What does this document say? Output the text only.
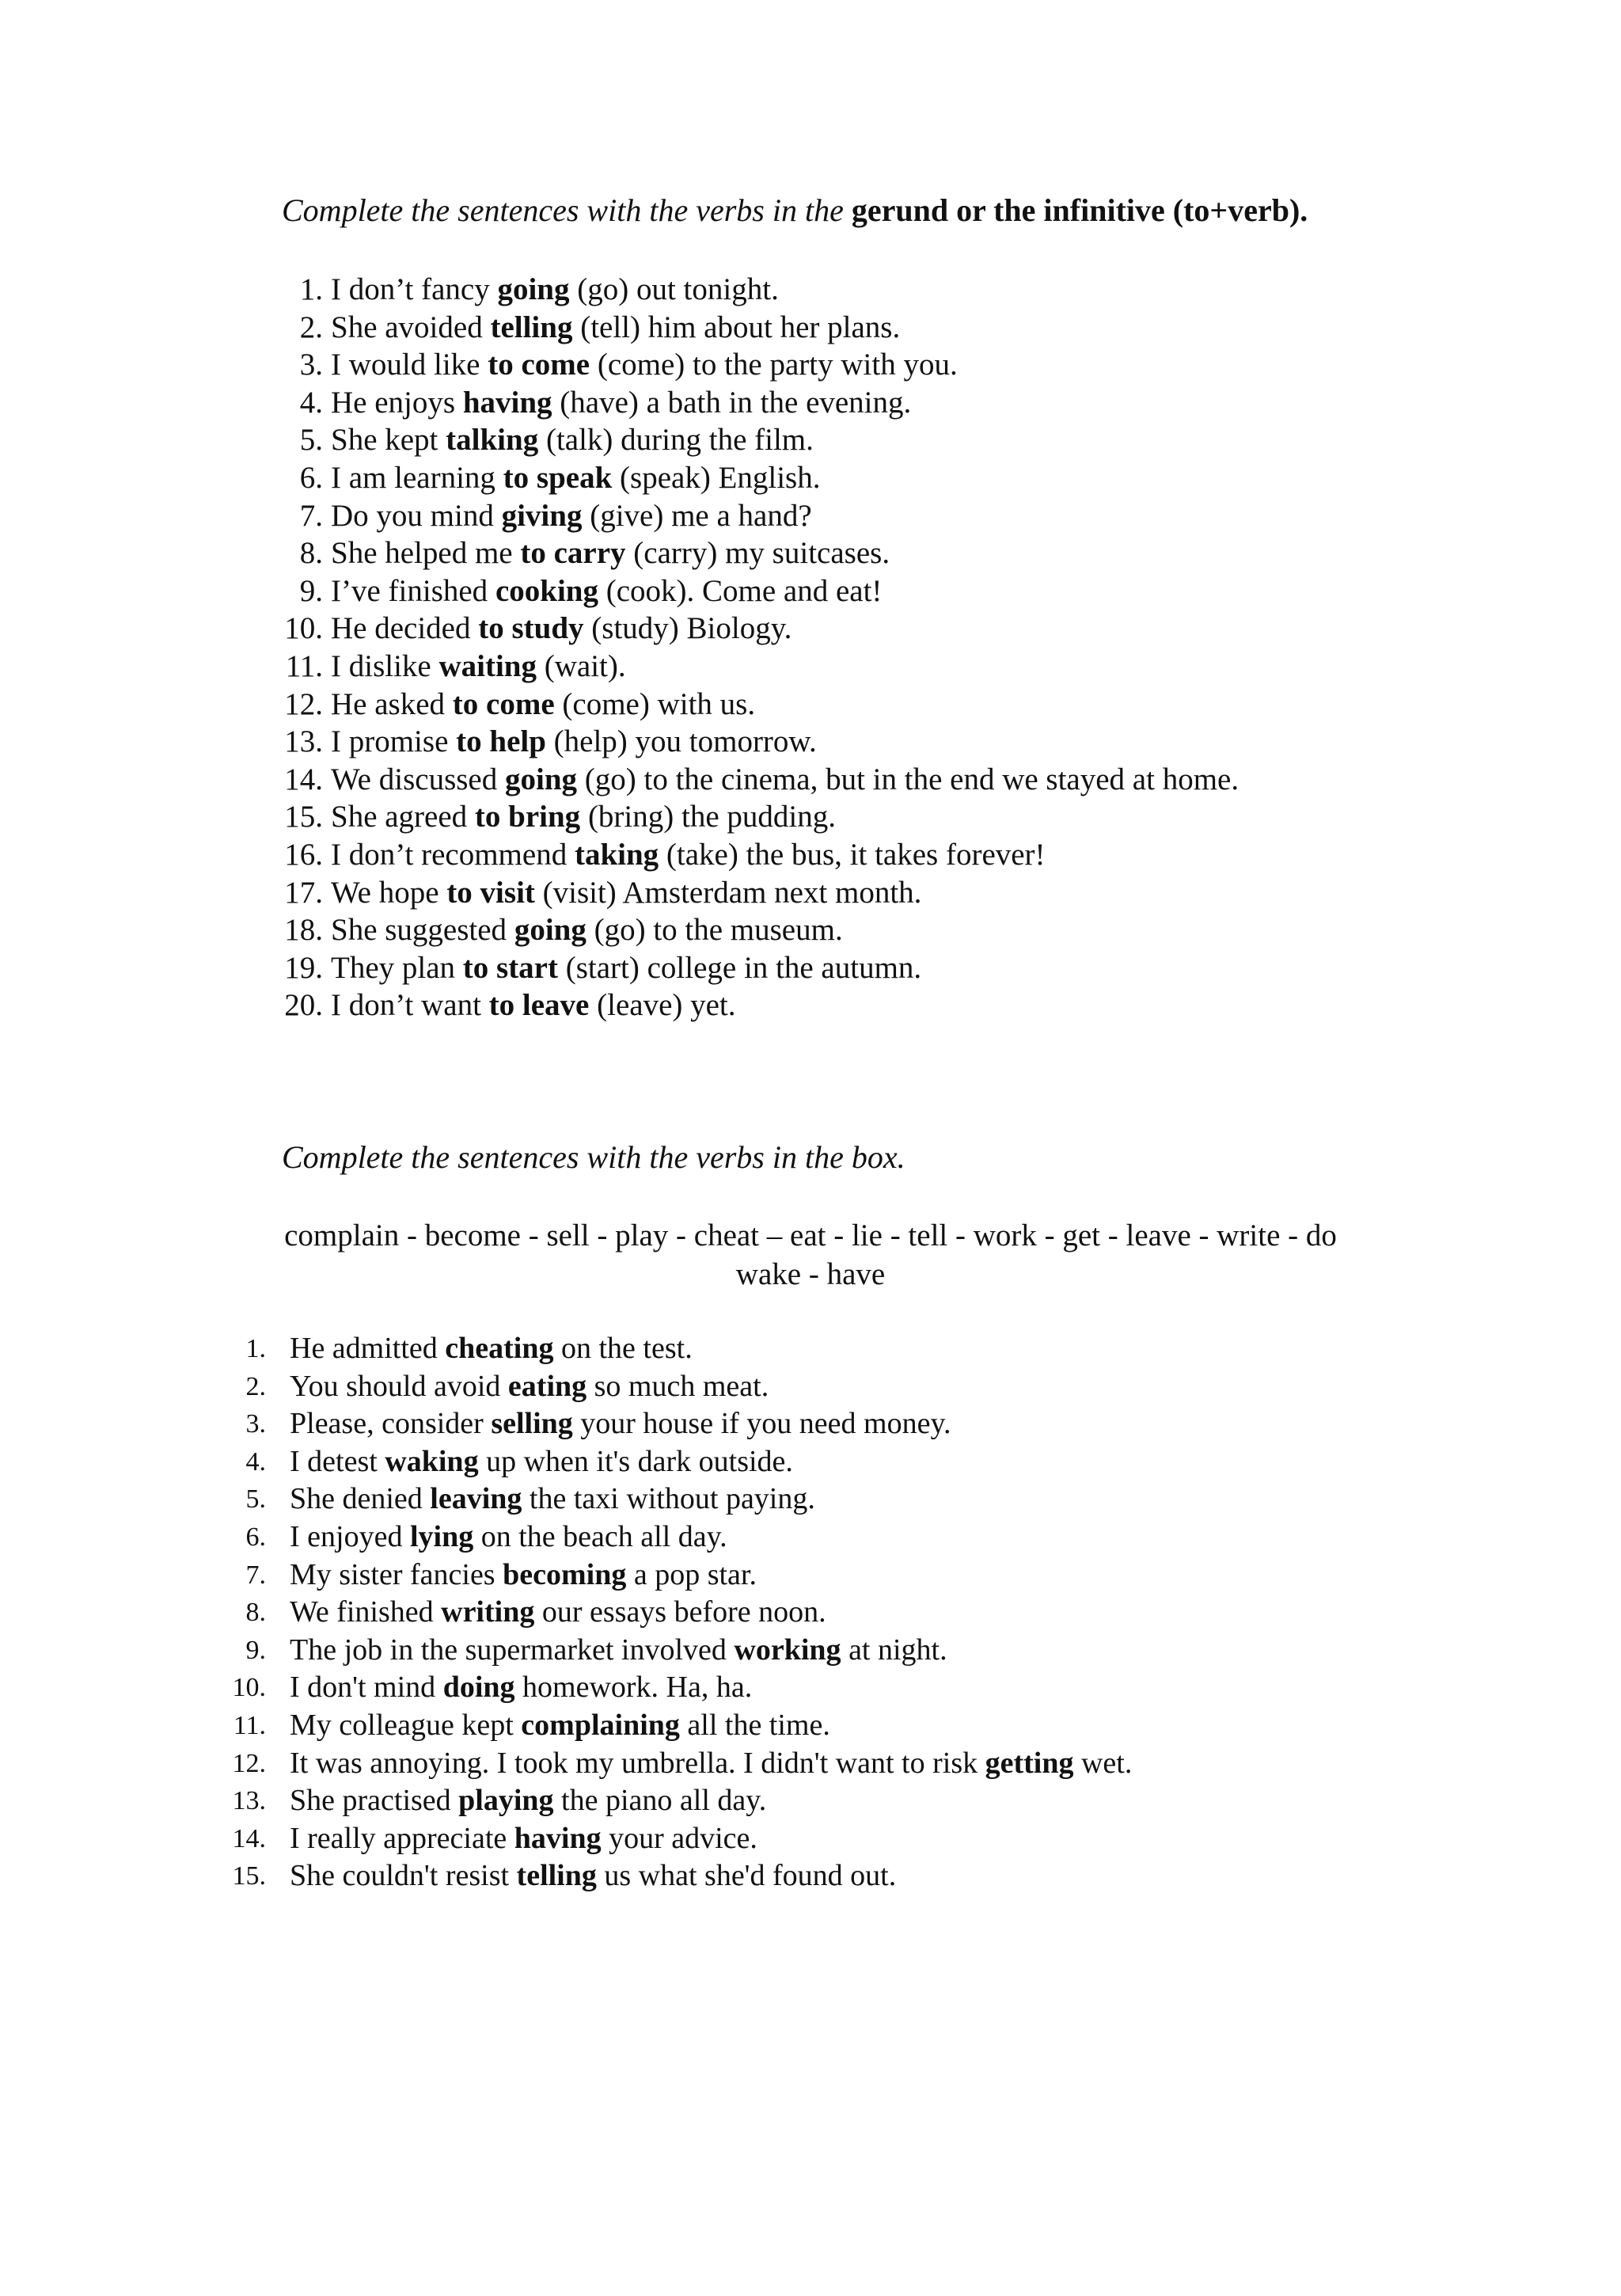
Complete the sentences with the verbs in the gerund or the infinitive (to+verb).
1. I don’t fancy going (go) out tonight.
2. She avoided telling (tell) him about her plans.
3. I would like to come (come) to the party with you.
4. He enjoys having (have) a bath in the evening.
5. She kept talking (talk) during the film.
6. I am learning to speak (speak) English.
7. Do you mind giving (give) me a hand?
8. She helped me to carry (carry) my suitcases.
9. I’ve finished cooking (cook). Come and eat!
10. He decided to study (study) Biology.
11. I dislike waiting (wait).
12. He asked to come (come) with us.
13. I promise to help (help) you tomorrow.
14. We discussed going (go) to the cinema, but in the end we stayed at home.
15. She agreed to bring (bring) the pudding.
16. I don’t recommend taking (take) the bus, it takes forever!
17. We hope to visit (visit) Amsterdam next month.
18. She suggested going (go) to the museum.
19. They plan to start (start) college in the autumn.
20. I don’t want to leave (leave) yet.
Complete the sentences with the verbs in the box.
complain - become - sell - play - cheat – eat - lie - tell - work - get - leave - write - do
wake - have
1. He admitted cheating on the test.
2. You should avoid eating so much meat.
3. Please, consider selling your house if you need money.
4. I detest waking up when it's dark outside.
5. She denied leaving the taxi without paying.
6. I enjoyed lying on the beach all day.
7. My sister fancies becoming a pop star.
8. We finished writing our essays before noon.
9. The job in the supermarket involved working at night.
10. I don't mind doing homework. Ha, ha.
11. My colleague kept complaining all the time.
12. It was annoying. I took my umbrella. I didn't want to risk getting wet.
13. She practised playing the piano all day.
14. I really appreciate having your advice.
15. She couldn't resist telling us what she'd found out.
